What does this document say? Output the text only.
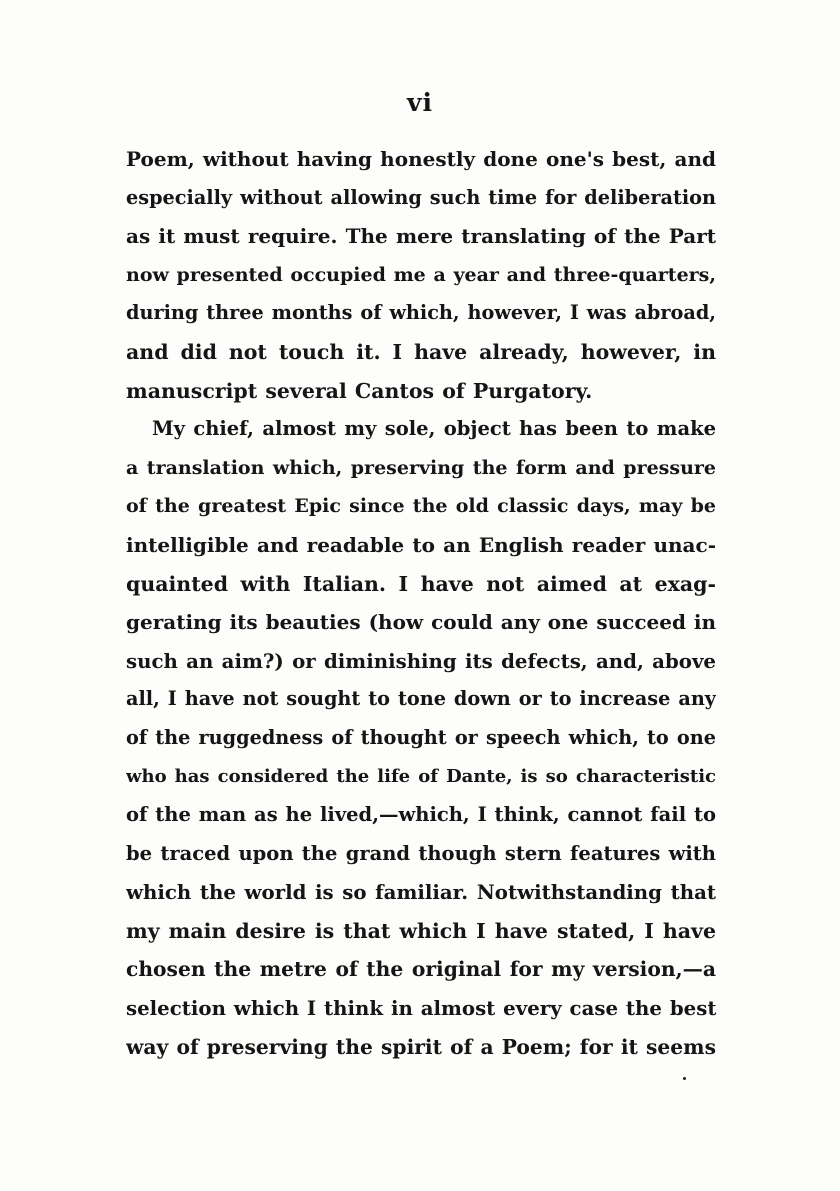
vi
Poem, without having honestly done one's best, and
especially without allowing such time for deliberation
as it must require. The mere translating of the Part
now presented occupied me a year and three-quarters,
during three months of which, however, I was abroad,
and did not touch it. I have already, however, in
manuscript several Cantos of Purgatory.
My chief, almost my sole, object has been to make
a translation which, preserving the form and pressure
of the greatest Epic since the old classic days, may be
intelligible and readable to an English reader unac-
quainted with Italian. I have not aimed at exag-
gerating its beauties (how could any one succeed in
such an aim?) or diminishing its defects, and, above
all, I have not sought to tone down or to increase any
of the ruggedness of thought or speech which, to one
who has considered the life of Dante, is so characteristic
of the man as he lived,—which, I think, cannot fail to
be traced upon the grand though stern features with
which the world is so familiar. Notwithstanding that
my main desire is that which I have stated, I have
chosen the metre of the original for my version,—a
selection which I think in almost every case the best
way of preserving the spirit of a Poem; for it seems
